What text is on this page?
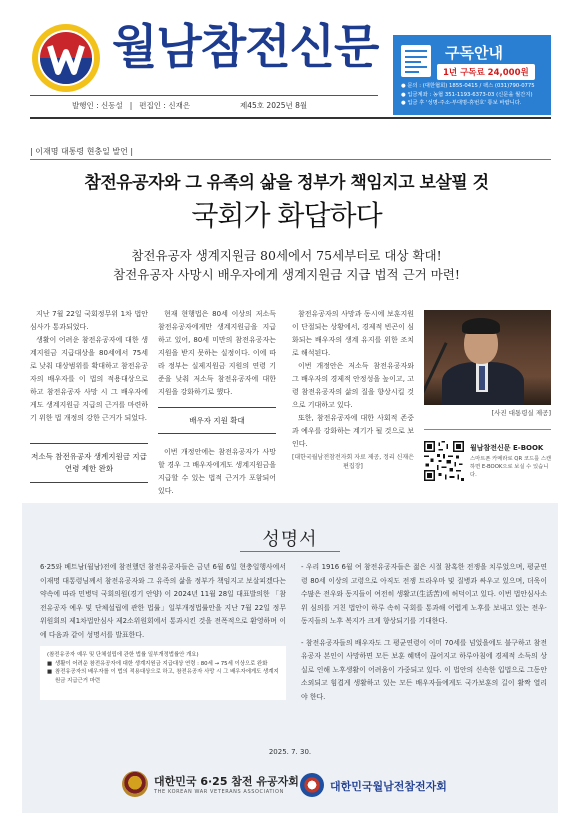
월남참전신문
발행인 : 신동설 | 편집인 : 신재은	제45호 2025년 8월
구독안내
1년 구독료 24,000원
● 문의 : (대한협회) 1855-0415 / 팩스 (031)790-0775
● 입금계좌 : 농협 351-1193-6373-03 (신문을 월간지)
● 입금 후 '성명-주소-부대명-휴번호' 통보 바랍니다.
| 이재명 대통령 현충일 발언 |
참전유공자와 그 유족의 삶을 정부가 책임지고 보살필 것
국회가 화답하다
참전유공자 생계지원금 80세에서 75세부터로 대상 확대!
참전유공자 사망시 배우자에게 생계지원금 지급 법적 근거 마련!

지난 7월 22일 국회정무위 1차 법안 심사가 통과되었다.

생활이 어려운 참전유공자에 대한 생계지원금 지급대상을 80세에서 75세로 낮춰 대상범위를 확대하고 참전유공자의 배우자를 이 법의 적용대상으로 하고 참전유공자 사망 시 그 배우자에게도 생계지원금 지급의 근거를 마련하기 위한 법 개정의 강한 근거가 되었다.

저소득 참전유공자 생계지원금 지급 연령 제한 완화

현재 현행법은 80세 이상의 저소득 참전유공자에게만 생계지원금을 지급하고 있어, 80세 미만의 참전유공자는 지원을 받지 못하는 실정이다. 이에 따라 정부는 실제지원금 지원의 연령 기준을 낮춰 저소득 참전유공자에 대한 지원을 강화하기로 했다.

배우자 지원 확대

이번 개정안에는 참전유공자가 사망할 경우 그 배우자에게도 생계지원금을 지급할 수 있는 법적 근거가 포함되어 있다.

참전유공자의 사망과 동시에 보훈지원이 단절되는 상황에서, 경제적 빈곤이 심화되는 배우자의 생계 유지를 위한 조치로 해석된다.

이번 개정안은 저소득 참전유공자와 그 배우자의 경제적 안정성을 높이고, 고령 참전유공자의 삶의 질을 향상시킬 것으로 기대하고 있다.

또한, 참전유공자에 대한 사회적 존중과 예우를 강화하는 계기가 될 것으로 보인다.

[대한국월남전참전자회 자료 제공, 정리 신재은 편집장]
[사진 대통령실 제공]
월남참전신문 E-BOOK
스마트폰 카메라로 QR 코드를 스캔하면 E-BOOK으로 보실 수 있습니다.
성명서

6·25와 베트남(월남)전에 참전했던 참전유공자들은 금년 6월 6일 현충일행사에서 이재명 대통령님께서 참전유공자와 그 유족의 삶을 정부가 책임지고 보살피겠다는 약속에 따라 민병덕 국회의원(경기 안양) 이 2024년 11월 28일 대표발의한 「참전유공자 예우 및 단체설립에 관한 법률」일부개정법률안을 지난 7월 22일 정무위원회의 제1차법안심사 제2소위원회에서 통과시킨 것을 전폭적으로 환영하며 이에 다음과 같이 성명서를 발표한다.

(참전유공자 예우 및 단체설립에 관한 법률 일부개정법률안 개요)
■ 생활이 어려운 참전유공자에 대한 생계지원금 지급대상 연령 : 80세 → 75세 이상으로 완화
■ 참전유공자의 배우자를 이 법의 적용대상으로 하고, 참전유공자 사망 시 그 배우자에게도 생계지원금 지급근거 마련

- 우리 1916 6월 여 참전유공자들은 젊은 시절 참혹한 전쟁을 치루었으며, 평균연령 80세 이상의 고령으로 아직도 전쟁 트라우마 및 질병과 싸우고 있으며, 더욱이 수많은 전우와 동지들이 여전히 생활고(生活苦)에 허덕이고 있다. 이번 법안심사소위 심의를 거친 법안이 하루 속히 국회를 통과해 어렵게 노후를 보내고 있는 전우·동지들의 노후 복지가 크게 향상되기를 기대한다.

- 참전유공자들의 배우자도 그 평균연령이 이미 70세를 넘었을에도 불구하고 참전유공자 본인이 사망하면 모든 보훈 혜택이 끊어지고 하루아침에 경제적 소득의 상실로 인해 노후생활이 어려움이 가중되고 있다. 이 법안의 신속한 입법으로 그동안 소외되고 힘겹게 생활하고 있는 모든 배우자들에게도 국가보훈의 길이 활짝 열리야 한다.

2025. 7. 30.
대한민국 6·25 참전 유공자회
THE KOREAN WAR VETERANS ASSOCIATION	대한민국월남전참전자회
